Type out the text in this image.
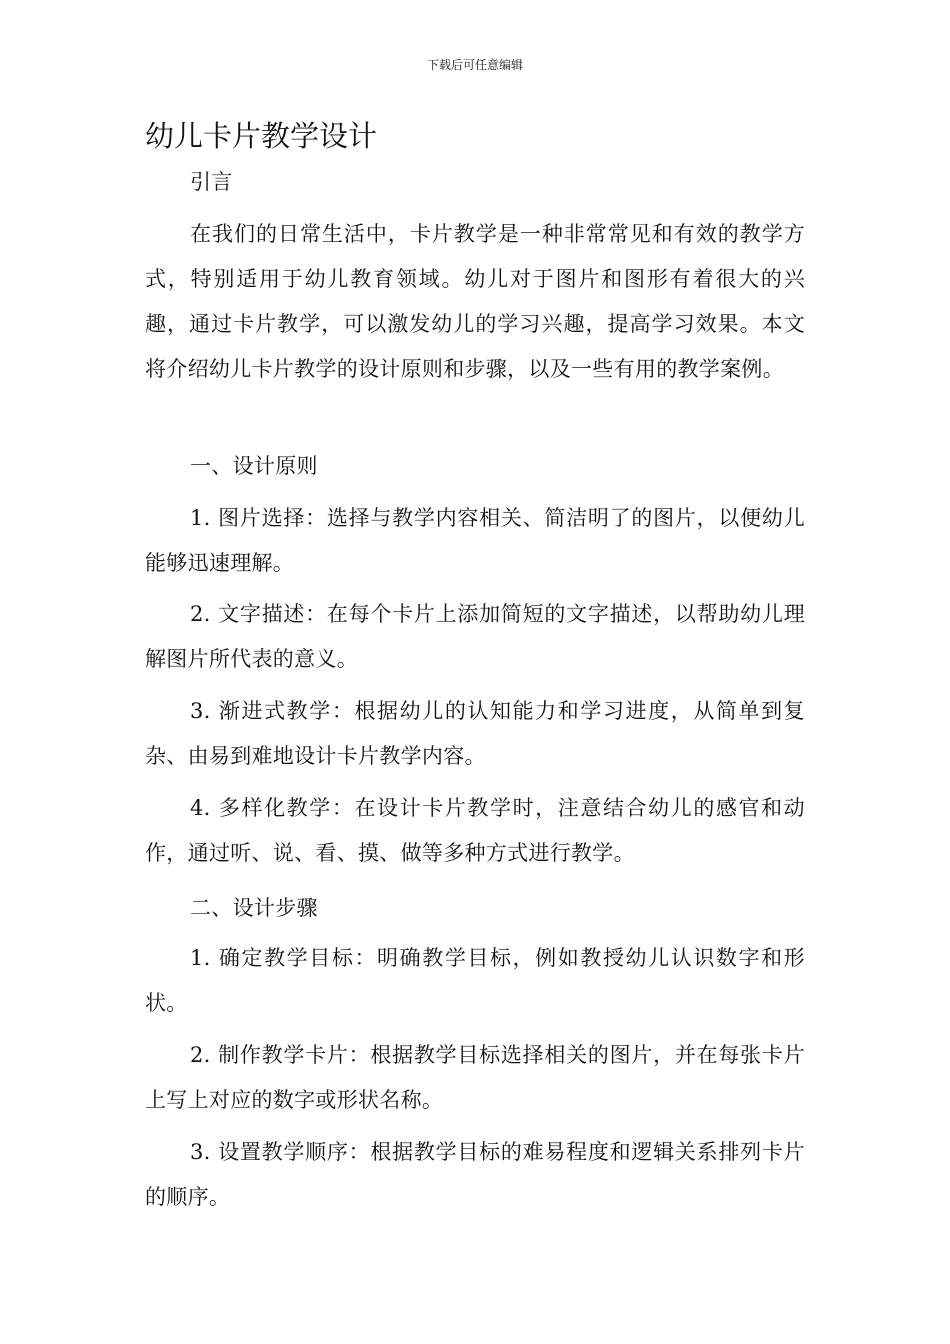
下载后可任意编辑
幼儿卡片教学设计

引言

在我们的日常生活中，卡片教学是一种非常常见和有效的教学方式，特别适用于幼儿教育领域。幼儿对于图片和图形有着很大的兴趣，通过卡片教学，可以激发幼儿的学习兴趣，提高学习效果。本文将介绍幼儿卡片教学的设计原则和步骤，以及一些有用的教学案例。

一、设计原则

1. 图片选择：选择与教学内容相关、简洁明了的图片，以便幼儿能够迅速理解。

2. 文字描述：在每个卡片上添加简短的文字描述，以帮助幼儿理解图片所代表的意义。

3. 渐进式教学：根据幼儿的认知能力和学习进度，从简单到复杂、由易到难地设计卡片教学内容。

4. 多样化教学：在设计卡片教学时，注意结合幼儿的感官和动作，通过听、说、看、摸、做等多种方式进行教学。

二、设计步骤

1. 确定教学目标：明确教学目标，例如教授幼儿认识数字和形状。

2. 制作教学卡片：根据教学目标选择相关的图片，并在每张卡片上写上对应的数字或形状名称。

3. 设置教学顺序：根据教学目标的难易程度和逻辑关系排列卡片的顺序。
